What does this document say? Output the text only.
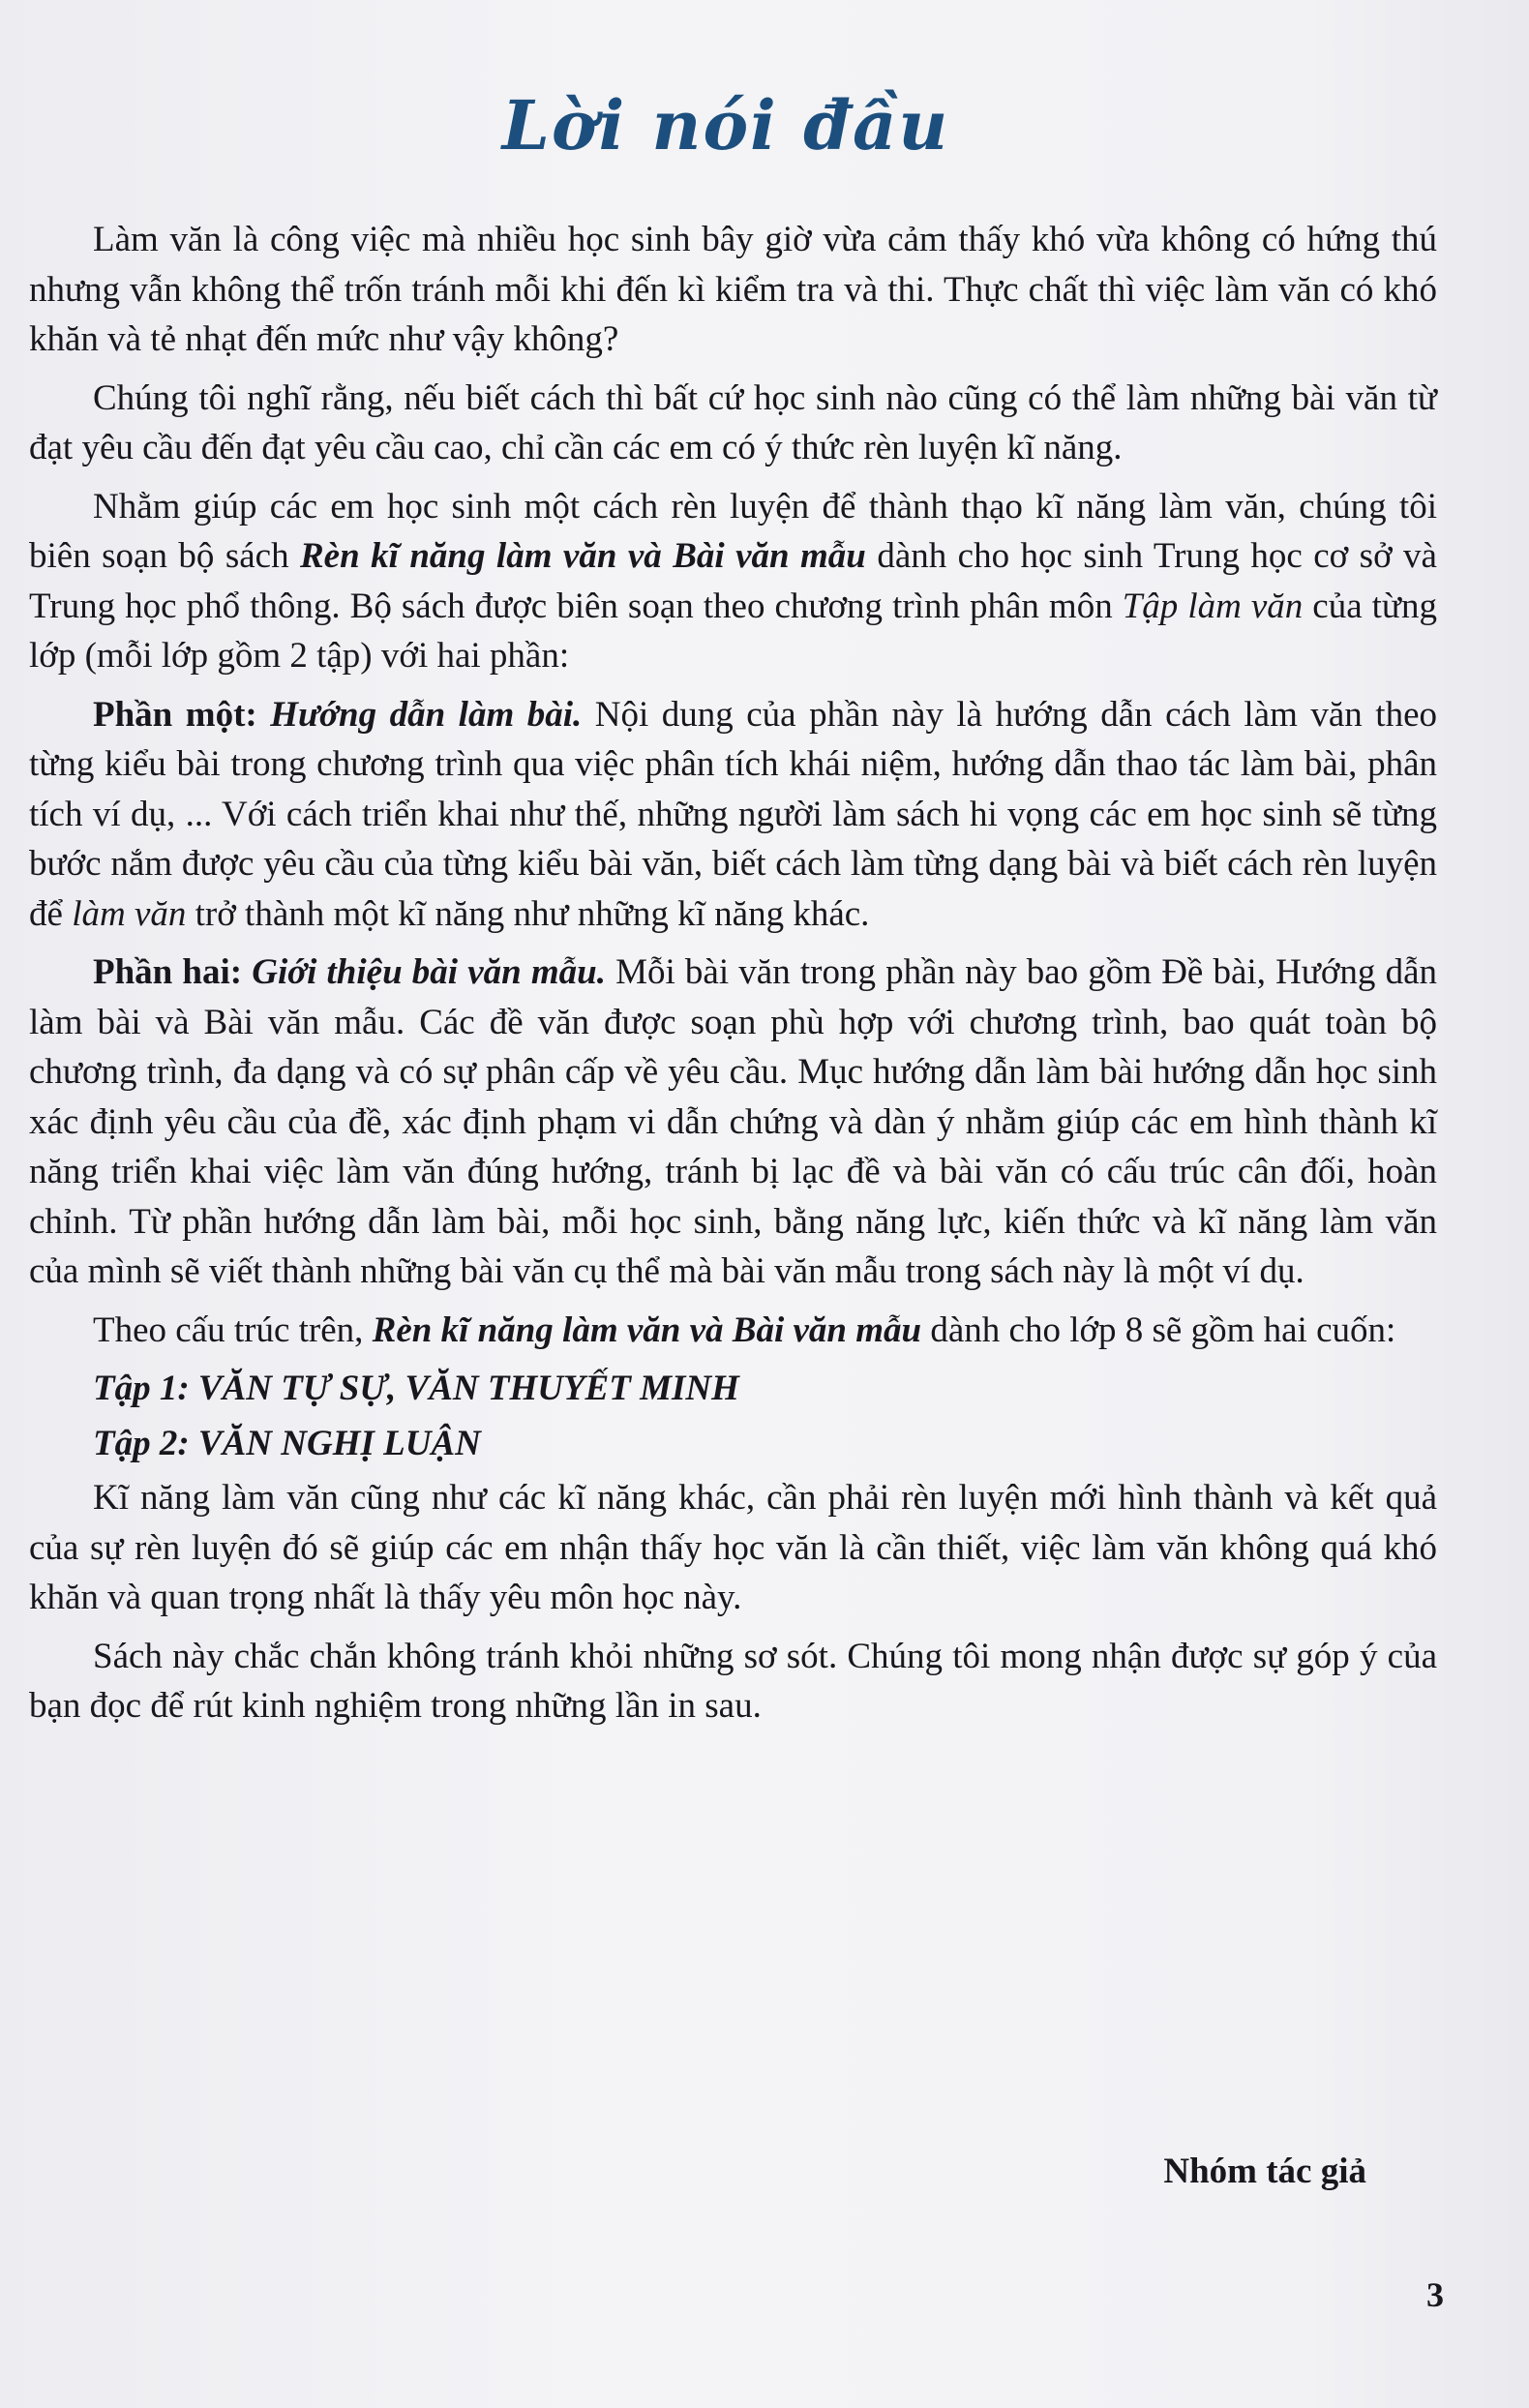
Lời nói đầu

Làm văn là công việc mà nhiều học sinh bây giờ vừa cảm thấy khó vừa không có hứng thú nhưng vẫn không thể trốn tránh mỗi khi đến kì kiểm tra và thi. Thực chất thì việc làm văn có khó khăn và tẻ nhạt đến mức như vậy không?

Chúng tôi nghĩ rằng, nếu biết cách thì bất cứ học sinh nào cũng có thể làm những bài văn từ đạt yêu cầu đến đạt yêu cầu cao, chỉ cần các em có ý thức rèn luyện kĩ năng.

Nhằm giúp các em học sinh một cách rèn luyện để thành thạo kĩ năng làm văn, chúng tôi biên soạn bộ sách Rèn kĩ năng làm văn và Bài văn mẫu dành cho học sinh Trung học cơ sở và Trung học phổ thông. Bộ sách được biên soạn theo chương trình phân môn Tập làm văn của từng lớp (mỗi lớp gồm 2 tập) với hai phần:

Phần một: Hướng dẫn làm bài. Nội dung của phần này là hướng dẫn cách làm văn theo từng kiểu bài trong chương trình qua việc phân tích khái niệm, hướng dẫn thao tác làm bài, phân tích ví dụ, ... Với cách triển khai như thế, những người làm sách hi vọng các em học sinh sẽ từng bước nắm được yêu cầu của từng kiểu bài văn, biết cách làm từng dạng bài và biết cách rèn luyện để làm văn trở thành một kĩ năng như những kĩ năng khác.

Phần hai: Giới thiệu bài văn mẫu. Mỗi bài văn trong phần này bao gồm Đề bài, Hướng dẫn làm bài và Bài văn mẫu. Các đề văn được soạn phù hợp với chương trình, bao quát toàn bộ chương trình, đa dạng và có sự phân cấp về yêu cầu. Mục hướng dẫn làm bài hướng dẫn học sinh xác định yêu cầu của đề, xác định phạm vi dẫn chứng và dàn ý nhằm giúp các em hình thành kĩ năng triển khai việc làm văn đúng hướng, tránh bị lạc đề và bài văn có cấu trúc cân đối, hoàn chỉnh. Từ phần hướng dẫn làm bài, mỗi học sinh, bằng năng lực, kiến thức và kĩ năng làm văn của mình sẽ viết thành những bài văn cụ thể mà bài văn mẫu trong sách này là một ví dụ.

Theo cấu trúc trên, Rèn kĩ năng làm văn và Bài văn mẫu dành cho lớp 8 sẽ gồm hai cuốn:

Tập 1: VĂN TỰ SỰ, VĂN THUYẾT MINH

Tập 2: VĂN NGHỊ LUẬN

Kĩ năng làm văn cũng như các kĩ năng khác, cần phải rèn luyện mới hình thành và kết quả của sự rèn luyện đó sẽ giúp các em nhận thấy học văn là cần thiết, việc làm văn không quá khó khăn và quan trọng nhất là thấy yêu môn học này.

Sách này chắc chắn không tránh khỏi những sơ sót. Chúng tôi mong nhận được sự góp ý của bạn đọc để rút kinh nghiệm trong những lần in sau.

Nhóm tác giả
3
